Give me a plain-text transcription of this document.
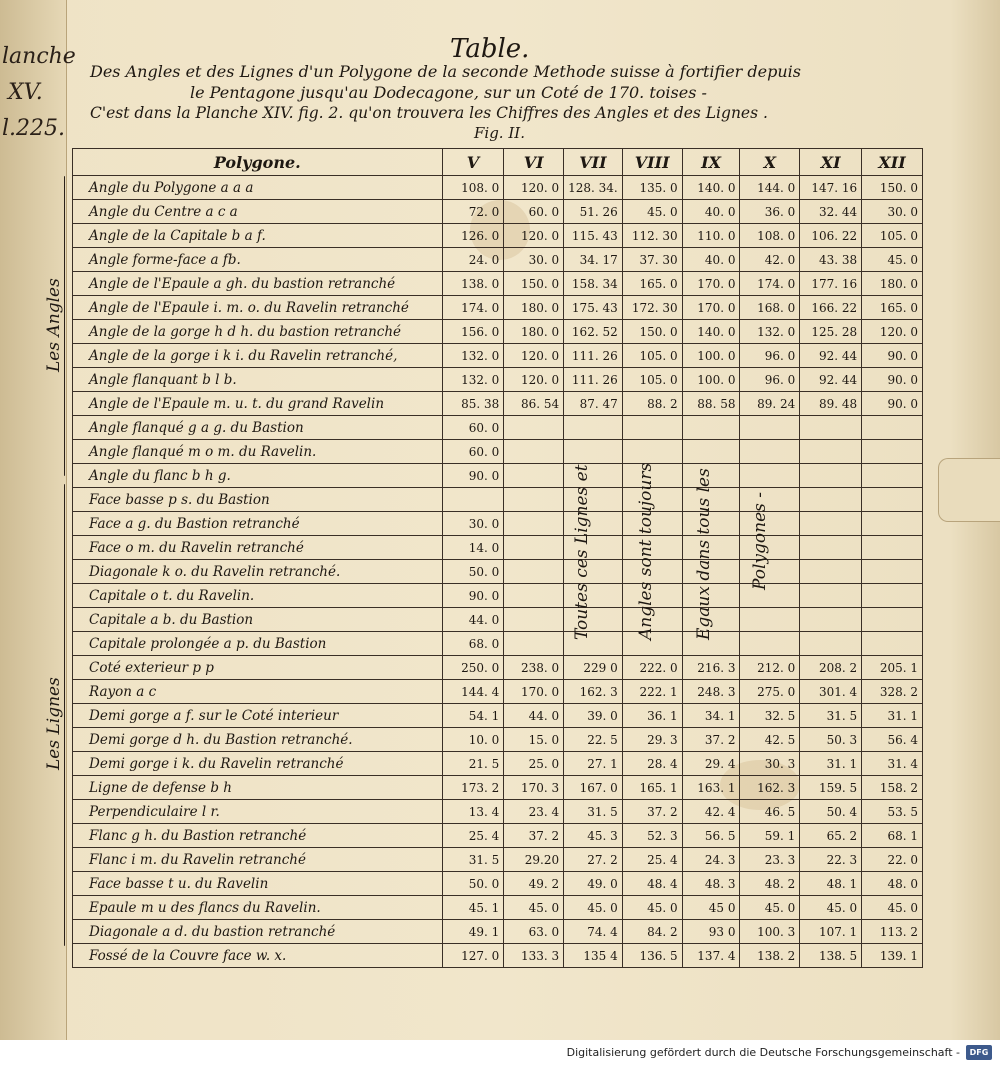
lanche
XV.
l.225.
Table.
Des Angles et des Lignes d'un Polygone de la seconde Methode suisse à fortifier depuis
le Pentagone jusqu'au Dodecagone, sur un Coté de 170. toises -
C'est dans la Planche XIV. fig. 2. qu'on trouvera les Chiffres des Angles et des Lignes .
Fig. II.
Polygone.	V	VI	VII	VIII	IX	X	XI	XII
Angle du Polygone a a a	108. 0	120. 0	128. 34.	135. 0	140. 0	144. 0	147. 16	150. 0
Angle du Centre a c a	72. 0	60. 0	51. 26	45. 0	40. 0	36. 0	32. 44	30. 0
Angle de la Capitale b a f.	126. 0	120. 0	115. 43	112. 30	110. 0	108. 0	106. 22	105. 0
Angle forme-face a fb.	24. 0	30. 0	34. 17	37. 30	40. 0	42. 0	43. 38	45. 0
Angle de l'Epaule a gh. du bastion retranché	138. 0	150. 0	158. 34	165. 0	170. 0	174. 0	177. 16	180. 0
Angle de l'Epaule i. m. o. du Ravelin retranché	174. 0	180. 0	175. 43	172. 30	170. 0	168. 0	166. 22	165. 0
Angle de la gorge h d h. du bastion retranché	156. 0	180. 0	162. 52	150. 0	140. 0	132. 0	125. 28	120. 0
Angle de la gorge i k i. du Ravelin retranché,	132. 0	120. 0	111. 26	105. 0	100. 0	96. 0	92. 44	90. 0
Angle flanquant b l b.	132. 0	120. 0	111. 26	105. 0	100. 0	96. 0	92. 44	90. 0
Angle de l'Epaule m. u. t. du grand Ravelin	85. 38	86. 54	87. 47	88. 2	88. 58	89. 24	89. 48	90. 0
Angle flanqué g a g. du Bastion	60. 0							
Angle flanqué m o m. du Ravelin.	60. 0							
Angle du flanc b h g.	90. 0							
Face basse p s. du Bastion								
Face a g. du Bastion retranché	30. 0							
Face o m. du Ravelin retranché	14. 0							
Diagonale k o. du Ravelin retranché.	50. 0							
Capitale o t. du Ravelin.	90. 0							
Capitale a b. du Bastion	44. 0							
Capitale prolongée a p. du Bastion	68. 0							
Coté exterieur p p	250. 0	238. 0	229 0	222. 0	216. 3	212. 0	208. 2	205. 1
Rayon a c	144. 4	170. 0	162. 3	222. 1	248. 3	275. 0	301. 4	328. 2
Demi gorge a f. sur le Coté interieur	54. 1	44. 0	39. 0	36. 1	34. 1	32. 5	31. 5	31. 1
Demi gorge d h. du Bastion retranché.	10. 0	15. 0	22. 5	29. 3	37. 2	42. 5	50. 3	56. 4
Demi gorge i k. du Ravelin retranché	21. 5	25. 0	27. 1	28. 4	29. 4	30. 3	31. 1	31. 4
Ligne de defense b h	173. 2	170. 3	167. 0	165. 1	163. 1	162. 3	159. 5	158. 2
Perpendiculaire l r.	13. 4	23. 4	31. 5	37. 2	42. 4	46. 5	50. 4	53. 5
Flanc g h. du Bastion retranché	25. 4	37. 2	45. 3	52. 3	56. 5	59. 1	65. 2	68. 1
Flanc i m. du Ravelin retranché	31. 5	29.20	27. 2	25. 4	24. 3	23. 3	22. 3	22. 0
Face basse t u. du Ravelin	50. 0	49. 2	49. 0	48. 4	48. 3	48. 2	48. 1	48. 0
Epaule m u des flancs du Ravelin.	45. 1	45. 0	45. 0	45. 0	45 0	45. 0	45. 0	45. 0
Diagonale a d. du bastion retranché	49. 1	63. 0	74. 4	84. 2	93 0	100. 3	107. 1	113. 2
Fossé de la Couvre face w. x.	127. 0	133. 3	135 4	136. 5	137. 4	138. 2	138. 5	139. 1
Les Angles
Les Lignes
Toutes ces Lignes et	Angles sont toujours Egaux dans tous les Polygones -
Digitalisierung gefördert durch die Deutsche Forschungsgemeinschaft -	DFG
